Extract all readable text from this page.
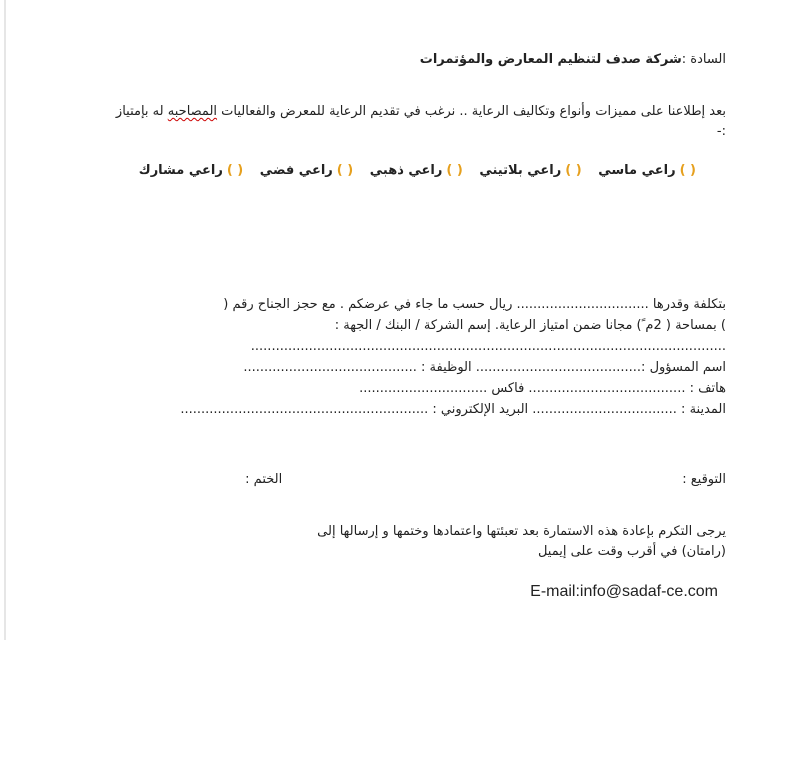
السادة :شركة صدف لتنظيم المعارض والمؤتمرات
بعد إطلاعنا على مميزات وأنواع وتكاليف الرعاية .. نرغب في تقديم الرعاية للمعرض والفعاليات المصاحبه له بإمتياز :-
( )راعي ماسي ( )راعي بلاتيني ( )راعي ذهبي ( )راعي فضي ( )راعي مشارك
بتكلفة وقدرها ................................ ريال حسب ما جاء في عرضكم . مع حجز الجناح رقم (
) بمساحة ( 2م ً) مجانا ضمن امتياز الرعاية. إسم الشركة / البنك / الجهة :
...................................................................................................................
اسم المسؤول :........................................ الوظيفة : ..........................................
هاتف : ...................................... فاكس ...............................
المدينة : ................................... البريد الإلكتروني : ............................................................
التوقيع :الختم :
يرجى التكرم بإعادة هذه الاستمارة بعد تعبئتها واعتمادها وختمها و إرسالها إلى
(رامتان) في أقرب وقت على إيميل
E-mail:info@sadaf-ce.com
